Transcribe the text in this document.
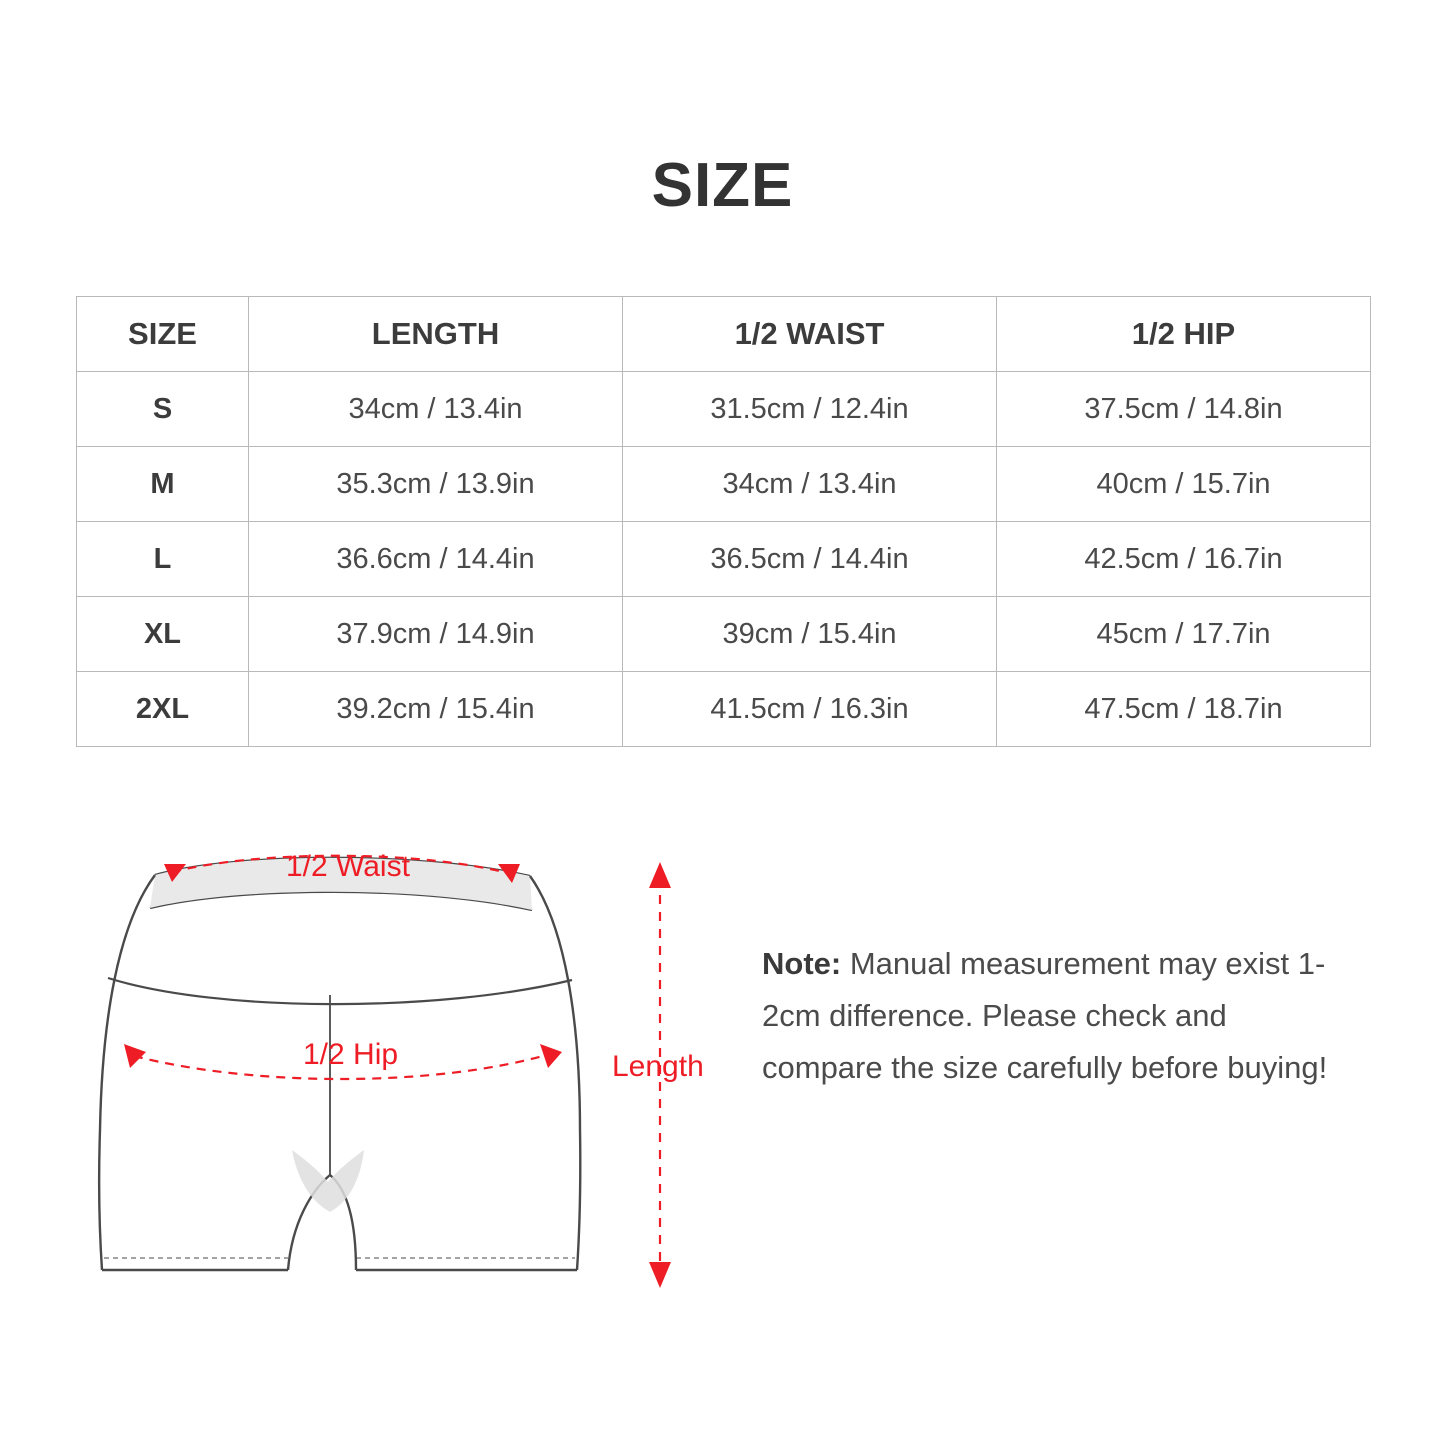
SIZE
SIZE	LENGTH	1/2 WAIST	1/2 HIP
S	34cm / 13.4in	31.5cm / 12.4in	37.5cm / 14.8in
M	35.3cm / 13.9in	34cm / 13.4in	40cm / 15.7in
L	36.6cm / 14.4in	36.5cm / 14.4in	42.5cm / 16.7in
XL	37.9cm / 14.9in	39cm / 15.4in	45cm / 17.7in
2XL	39.2cm / 15.4in	41.5cm / 16.3in	47.5cm / 18.7in
1/2 Waist
1/2 Hip	Length
Note: Manual measurement may exist 1-2cm difference. Please check and compare the size carefully before buying!
